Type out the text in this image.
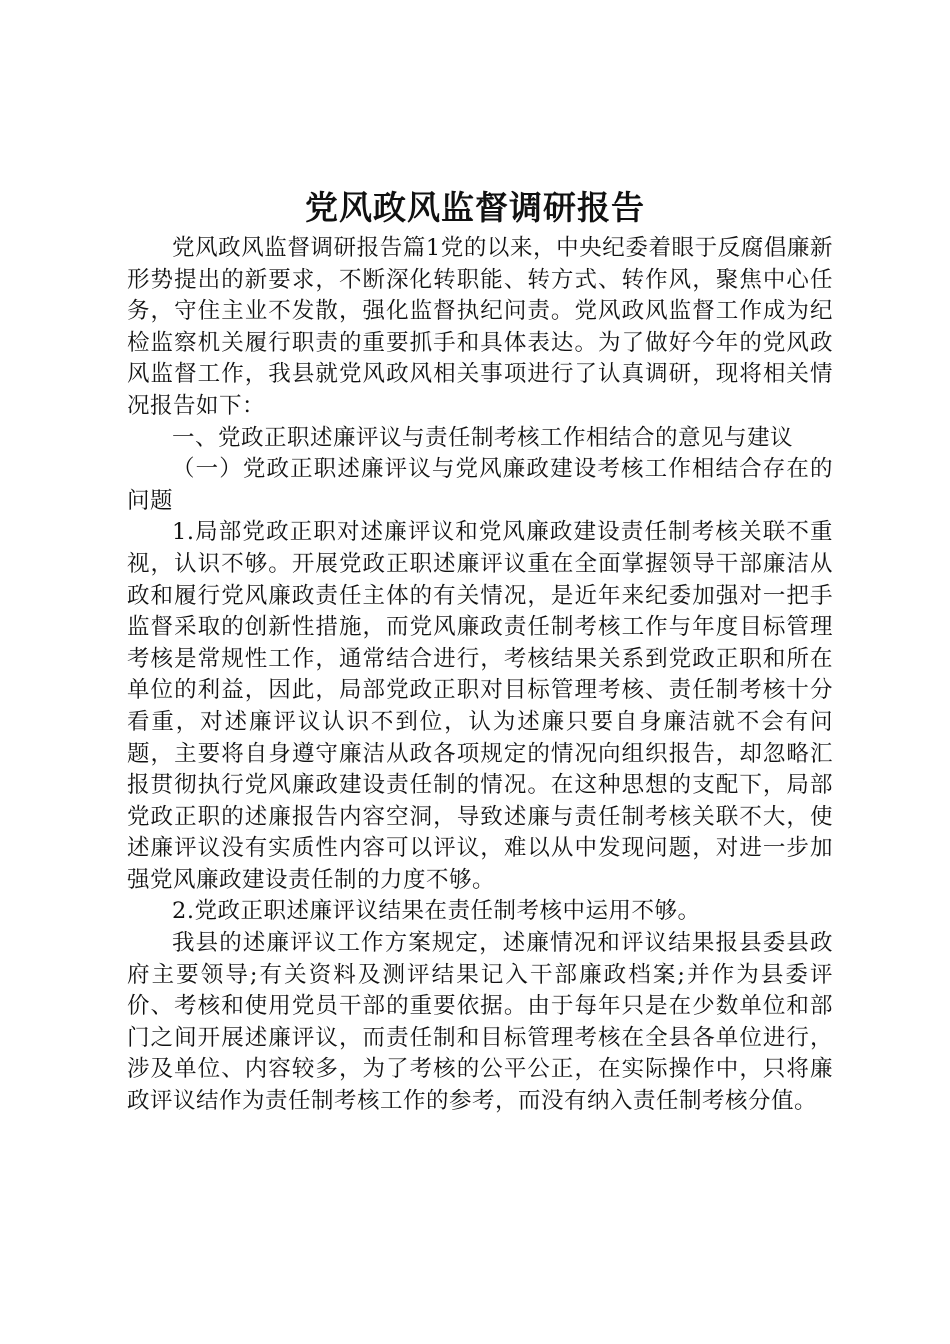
党风政风监督调研报告

党风政风监督调研报告篇1党的以来，中央纪委着眼于反腐倡廉新形势提出的新要求，不断深化转职能、转方式、转作风，聚焦中心任务，守住主业不发散，强化监督执纪问责。党风政风监督工作成为纪检监察机关履行职责的重要抓手和具体表达。为了做好今年的党风政风监督工作，我县就党风政风相关事项进行了认真调研，现将相关情况报告如下：

一、党政正职述廉评议与责任制考核工作相结合的意见与建议

（一）党政正职述廉评议与党风廉政建设考核工作相结合存在的问题

1.局部党政正职对述廉评议和党风廉政建设责任制考核关联不重视，认识不够。开展党政正职述廉评议重在全面掌握领导干部廉洁从政和履行党风廉政责任主体的有关情况，是近年来纪委加强对一把手监督采取的创新性措施，而党风廉政责任制考核工作与年度目标管理考核是常规性工作，通常结合进行，考核结果关系到党政正职和所在单位的利益，因此，局部党政正职对目标管理考核、责任制考核十分看重，对述廉评议认识不到位，认为述廉只要自身廉洁就不会有问题，主要将自身遵守廉洁从政各项规定的情况向组织报告，却忽略汇报贯彻执行党风廉政建设责任制的情况。在这种思想的支配下，局部党政正职的述廉报告内容空洞，导致述廉与责任制考核关联不大，使述廉评议没有实质性内容可以评议，难以从中发现问题，对进一步加强党风廉政建设责任制的力度不够。

2.党政正职述廉评议结果在责任制考核中运用不够。

我县的述廉评议工作方案规定，述廉情况和评议结果报县委县政府主要领导;有关资料及测评结果记入干部廉政档案;并作为县委评价、考核和使用党员干部的重要依据。由于每年只是在少数单位和部门之间开展述廉评议，而责任制和目标管理考核在全县各单位进行，涉及单位、内容较多，为了考核的公平公正，在实际操作中，只将廉政评议结作为责任制考核工作的参考，而没有纳入责任制考核分值。
